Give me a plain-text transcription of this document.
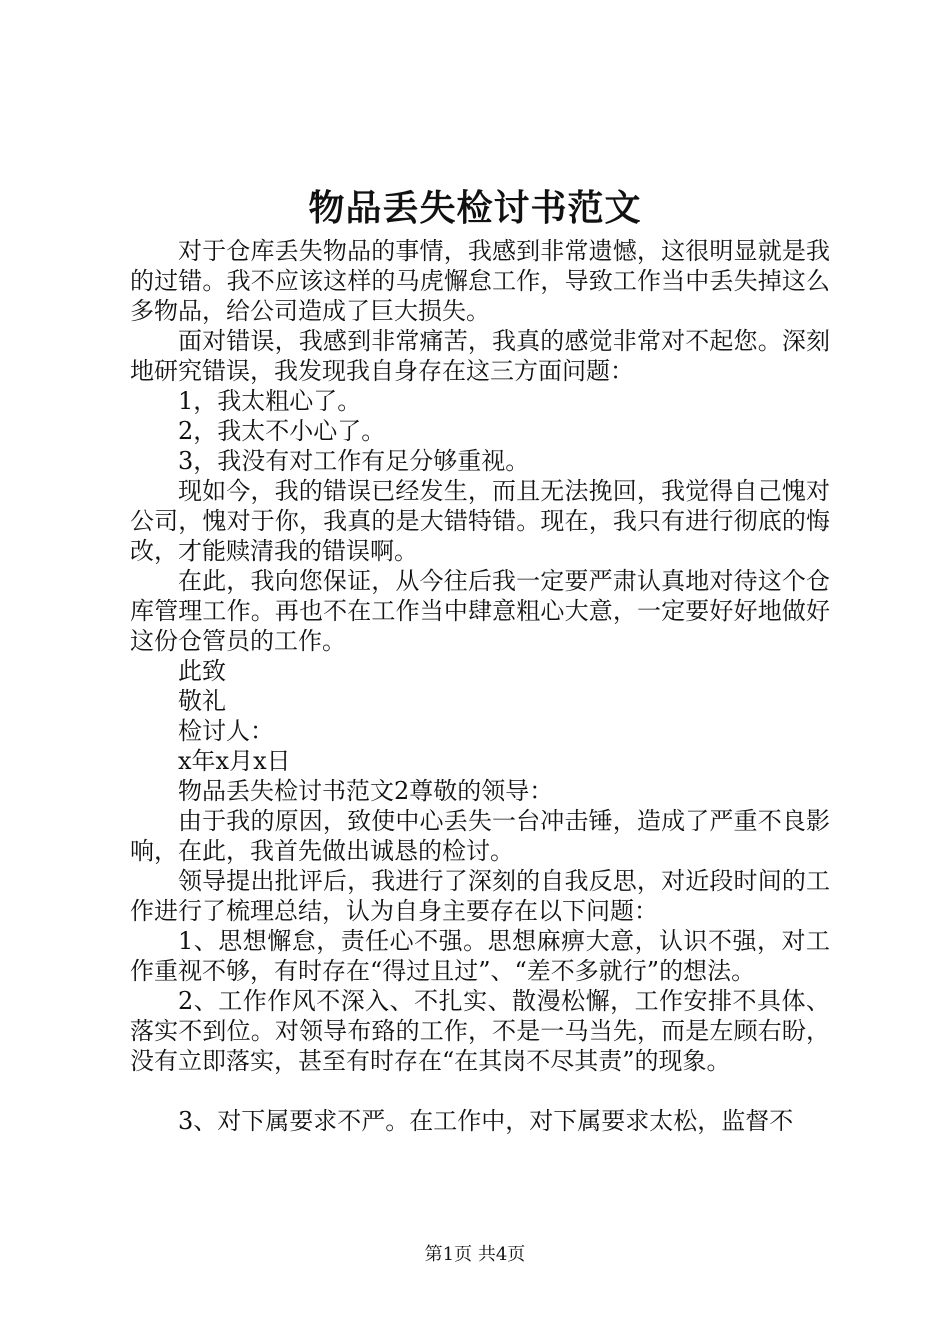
物品丢失检讨书范文

对于仓库丢失物品的事情，我感到非常遗憾，这很明显就是我的过错。我不应该这样的马虎懈怠工作，导致工作当中丢失掉这么多物品，给公司造成了巨大损失。

面对错误，我感到非常痛苦，我真的感觉非常对不起您。深刻地研究错误，我发现我自身存在这三方面问题：

1，我太粗心了。

2，我太不小心了。

3，我没有对工作有足分够重视。

现如今，我的错误已经发生，而且无法挽回，我觉得自己愧对公司，愧对于你，我真的是大错特错。现在，我只有进行彻底的悔改，才能赎清我的错误啊。

在此，我向您保证，从今往后我一定要严肃认真地对待这个仓库管理工作。再也不在工作当中肆意粗心大意，一定要好好地做好这份仓管员的工作。

此致

敬礼

检讨人：

x年x月x日

物品丢失检讨书范文2尊敬的领导：

由于我的原因，致使中心丢失一台冲击锤，造成了严重不良影响，在此，我首先做出诚恳的检讨。

领导提出批评后，我进行了深刻的自我反思，对近段时间的工作进行了梳理总结，认为自身主要存在以下问题：

1、思想懈怠，责任心不强。思想麻痹大意，认识不强，对工作重视不够，有时存在“得过且过”、“差不多就行”的想法。

2、工作作风不深入、不扎实、散漫松懈，工作安排不具体、落实不到位。对领导布臵的工作，不是一马当先，而是左顾右盼，没有立即落实，甚至有时存在“在其岗不尽其责”的现象。

3、对下属要求不严。在工作中，对下属要求太松，监督不

第1页 共4页
